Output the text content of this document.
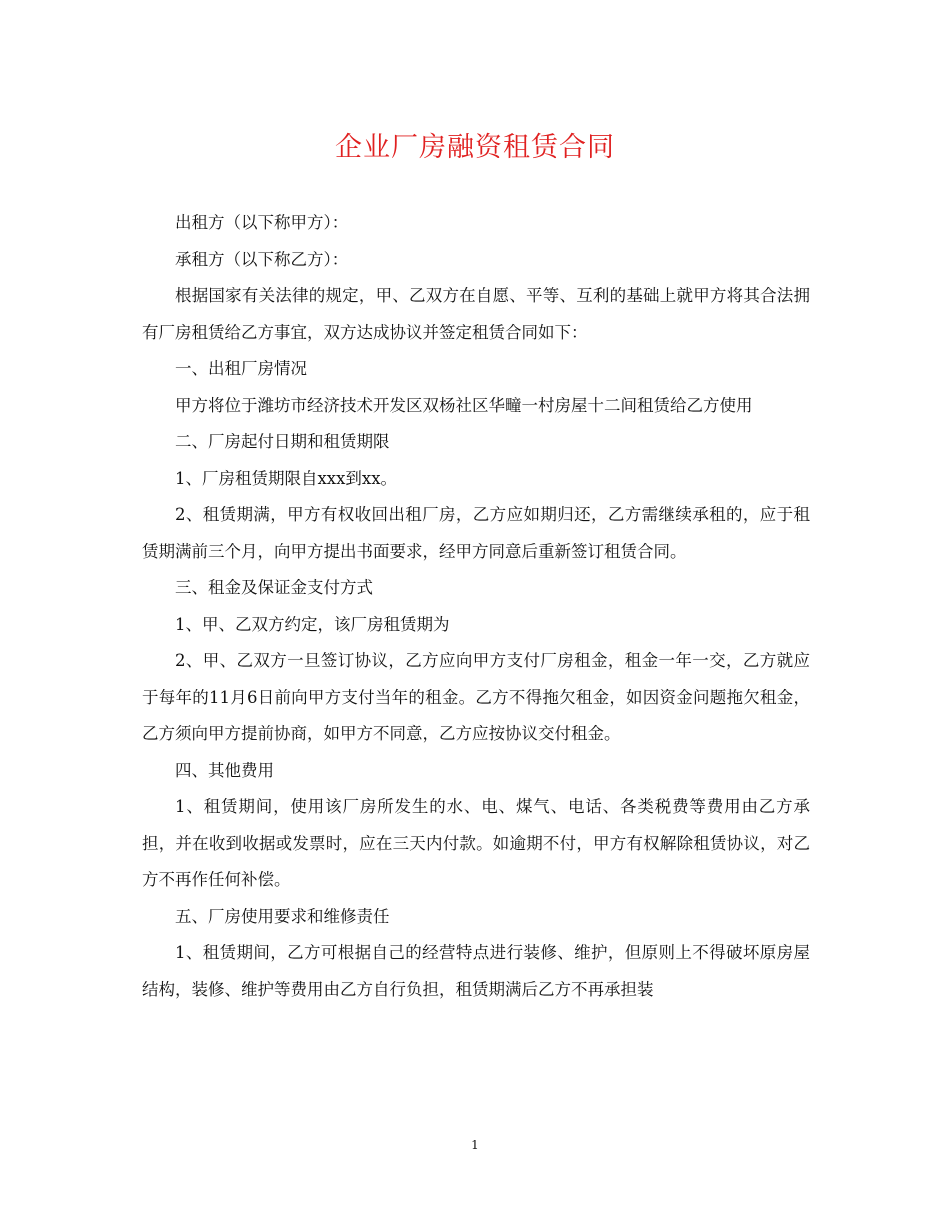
企业厂房融资租赁合同

出租方（以下称甲方）：

承租方（以下称乙方）：

根据国家有关法律的规定，甲、乙双方在自愿、平等、互利的基础上就甲方将其合法拥有厂房租赁给乙方事宜，双方达成协议并签定租赁合同如下：

一、出租厂房情况

甲方将位于潍坊市经济技术开发区双杨社区华疃一村房屋十二间租赁给乙方使用

二、厂房起付日期和租赁期限

1、厂房租赁期限自xxx到xx。

2、租赁期满，甲方有权收回出租厂房，乙方应如期归还，乙方需继续承租的，应于租赁期满前三个月，向甲方提出书面要求，经甲方同意后重新签订租赁合同。

三、租金及保证金支付方式

1、甲、乙双方约定，该厂房租赁期为

2、甲、乙双方一旦签订协议，乙方应向甲方支付厂房租金，租金一年一交，乙方就应于每年的11月6日前向甲方支付当年的租金。乙方不得拖欠租金，如因资金问题拖欠租金，乙方须向甲方提前协商，如甲方不同意，乙方应按协议交付租金。

四、其他费用

1、租赁期间，使用该厂房所发生的水、电、煤气、电话、各类税费等费用由乙方承担，并在收到收据或发票时，应在三天内付款。如逾期不付，甲方有权解除租赁协议，对乙方不再作任何补偿。

五、厂房使用要求和维修责任

1、租赁期间，乙方可根据自己的经营特点进行装修、维护，但原则上不得破坏原房屋结构，装修、维护等费用由乙方自行负担，租赁期满后乙方不再承担装

1
